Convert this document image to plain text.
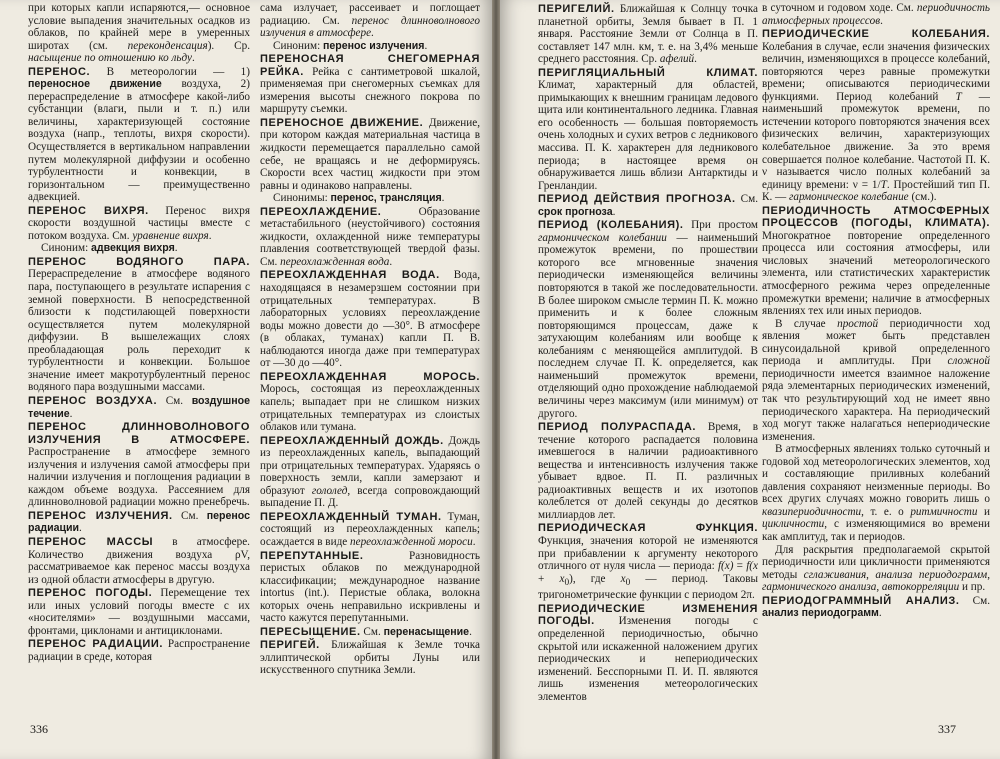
при которых капли испаряются,— основное условие выпадения значительных осадков из облаков, по крайней мере в умеренных широтах (см. переконденсация). Ср. насыщение по отношению ко льду.

ПЕРЕНОС. В метеорологии — 1) переносное движение воздуха, 2) перераспределение в атмосфере какой-либо субстанции (влаги, пыли и т. п.) или величины, характеризующей состояние воздуха (напр., теплоты, вихря скорости). Осуществляется в вертикальном направлении путем молекулярной диффузии и особенно турбулентности и конвекции, в горизонтальном — преимущественно адвекцией.

ПЕРЕНОС ВИХРЯ. Перенос вихря скорости воздушной частицы вместе с потоком воздуха. См. уравнение вихря.

Синоним: адвекция вихря.

ПЕРЕНОС ВОДЯНОГО ПАРА. Перераспределение в атмосфере водяного пара, поступающего в результате испарения с земной поверхности. В непосредственной близости к подстилающей поверхности осуществляется путем молекулярной диффузии. В вышележащих слоях преобладающая роль переходит к турбулентности и конвекции. Большое значение имеет макротурбулентный перенос водяного пара воздушными массами.

ПЕРЕНОС ВОЗДУХА. См. воздушное течение.

ПЕРЕНОС ДЛИННОВОЛНОВОГО ИЗЛУЧЕНИЯ В АТМОСФЕРЕ. Распространение в атмосфере земного излучения и излучения самой атмосферы при наличии излучения и поглощения радиации в каждом объеме воздуха. Рассеянием для длинноволновой радиации можно пренебречь.

ПЕРЕНОС ИЗЛУЧЕНИЯ. См. перенос радиации.

ПЕРЕНОС МАССЫ в атмосфере. Количество движения воздуха ρV, рассматриваемое как перенос массы воздуха из одной области атмосферы в другую.

ПЕРЕНОС ПОГОДЫ. Перемещение тех или иных условий погоды вместе с их «носителями» — воздушными массами, фронтами, циклонами и антициклонами.

ПЕРЕНОС РАДИАЦИИ. Распространение радиации в среде, которая

сама излучает, рассеивает и поглощает радиацию. См. перенос длинноволнового излучения в атмосфере.

Синоним: перенос излучения.

ПЕРЕНОСНАЯ СНЕГОМЕРНАЯ РЕЙКА. Рейка с сантиметровой шкалой, применяемая при снегомерных съемках для измерения высоты снежного покрова по маршруту съемки.

ПЕРЕНОСНОЕ ДВИЖЕНИЕ. Движение, при котором каждая материальная частица в жидкости перемещается параллельно самой себе, не вращаясь и не деформируясь. Скорости всех частиц жидкости при этом равны и одинаково направлены.

Синонимы: перенос, трансляция.

ПЕРЕОХЛАЖДЕНИЕ. Образование метастабильного (неустойчивого) состояния жидкости, охлажденной ниже температуры плавления соответствующей твердой фазы. См. переохлажденная вода.

ПЕРЕОХЛАЖДЕННАЯ ВОДА. Вода, находящаяся в незамерзшем состоянии при отрицательных температурах. В лабораторных условиях переохлаждение воды можно довести до —30°. В атмосфере (в облаках, туманах) капли П. В. наблюдаются иногда даже при температурах от —30 до —40°.

ПЕРЕОХЛАЖДЕННАЯ МОРОСЬ. Морось, состоящая из переохлажденных капель; выпадает при не слишком низких отрицательных температурах из слоистых облаков или тумана.

ПЕРЕОХЛАЖДЕННЫЙ ДОЖДЬ. Дождь из переохлажденных капель, выпадающий при отрицательных температурах. Ударяясь о поверхность земли, капли замерзают и образуют гололед, всегда сопровождающий выпадение П. Д.

ПЕРЕОХЛАЖДЕННЫЙ ТУМАН. Туман, состоящий из переохлажденных капель; осаждается в виде переохлажденной мороси.

ПЕРЕПУТАННЫЕ. Разновидность перистых облаков по международной классификации; международное название intortus (int.). Перистые облака, волокна которых очень неправильно искривлены и часто кажутся перепутанными.

ПЕРЕСЫЩЕНИЕ. См. перенасыщение.

ПЕРИГЕЙ. Ближайшая к Земле точка эллиптической орбиты Луны или искусственного спутника Земли.

336

ПЕРИГЕЛИЙ. Ближайшая к Солнцу точка планетной орбиты, Земля бывает в П. 1 января. Расстояние Земли от Солнца в П. составляет 147 млн. км, т. е. на 3,4% меньше среднего расстояния. Ср. афелий.

ПЕРИГЛЯЦИАЛЬНЫЙ КЛИМАТ. Климат, характерный для областей, примыкающих к внешним границам ледового щита или континентального ледника. Главная его особенность — большая повторяемость очень холодных и сухих ветров с ледникового массива. П. К. характерен для ледникового периода; в настоящее время он обнаруживается лишь вблизи Антарктиды и Гренландии.

ПЕРИОД ДЕЙСТВИЯ ПРОГНОЗА. См. срок прогноза.

ПЕРИОД (КОЛЕБАНИЯ). При простом гармоническом колебании — наименьший промежуток времени, по прошествии которого все мгновенные значения периодически изменяющейся величины повторяются в такой же последовательности. В более широком смысле термин П. К. можно применить и к более сложным повторяющимся процессам, даже к затухающим колебаниям или вообще к колебаниям с меняющейся амплитудой. В последнем случае П. К. определяется, как наименьший промежуток времени, отделяющий одно прохождение наблюдаемой величины через максимум (или минимум) от другого.

ПЕРИОД ПОЛУРАСПАДА. Время, в течение которого распадается половина имевшегося в наличии радиоактивного вещества и интенсивность излучения также убывает вдвое. П. П. различных радиоактивных веществ и их изотопов колеблется от долей секунды до десятков миллиардов лет.

ПЕРИОДИЧЕСКАЯ ФУНКЦИЯ. Функция, значения которой не изменяются при прибавлении к аргументу некоторого отличного от нуля числа — периода: $f(x) = f(x + x_0)$, где $x_0$ — период. Таковы тригонометрические функции с периодом 2π.

ПЕРИОДИЧЕСКИЕ ИЗМЕНЕНИЯ ПОГОДЫ. Изменения погоды с определенной периодичностью, обычно скрытой или искаженной наложением других периодических и непериодических изменений. Бесспорными П. И. П. являются лишь изменения метеорологических элементов

в суточном и годовом ходе. См. периодичность атмосферных процессов.

ПЕРИОДИЧЕСКИЕ КОЛЕБАНИЯ. Колебания в случае, если значения физических величин, изменяющихся в процессе колебаний, повторяются через равные промежутки времени; описываются периодическими функциями. Период колебаний T — наименьший промежуток времени, по истечении которого повторяются значения всех физических величин, характеризующих колебательное движение. За это время совершается полное колебание. Частотой П. К. ν называется число полных колебаний за единицу времени: ν = 1/T. Простейший тип П. К. — гармоническое колебание (см.).

ПЕРИОДИЧНОСТЬ АТМОСФЕРНЫХ ПРОЦЕССОВ (ПОГОДЫ, КЛИМАТА). Многократное повторение определенного процесса или состояния атмосферы, или числовых значений метеорологического элемента, или статистических характеристик атмосферного режима через определенные промежутки времени; наличие в атмосферных явлениях тех или иных периодов.

В случае простой периодичности ход явления может быть представлен синусоидальной кривой определенного периода и амплитуды. При сложной периодичности имеется взаимное наложение ряда элементарных периодических изменений, так что результирующий ход не имеет явно периодического характера. На периодический ход могут также налагаться непериодические изменения.

В атмосферных явлениях только суточный и годовой ход метеорологических элементов, ход и составляющие приливных колебаний давления сохраняют неизменные периоды. Во всех других случаях можно говорить лишь о квазипериодичности, т. е. о ритмичности и цикличности, с изменяющимися во времени как амплитуд, так и периодов.

Для раскрытия предполагаемой скрытой периодичности или цикличности применяются методы сглаживания, анализа периодограмм, гармонического анализа, автокорреляции и пр.

ПЕРИОДОГРАММНЫЙ АНАЛИЗ. См. анализ периодограмм.

337
